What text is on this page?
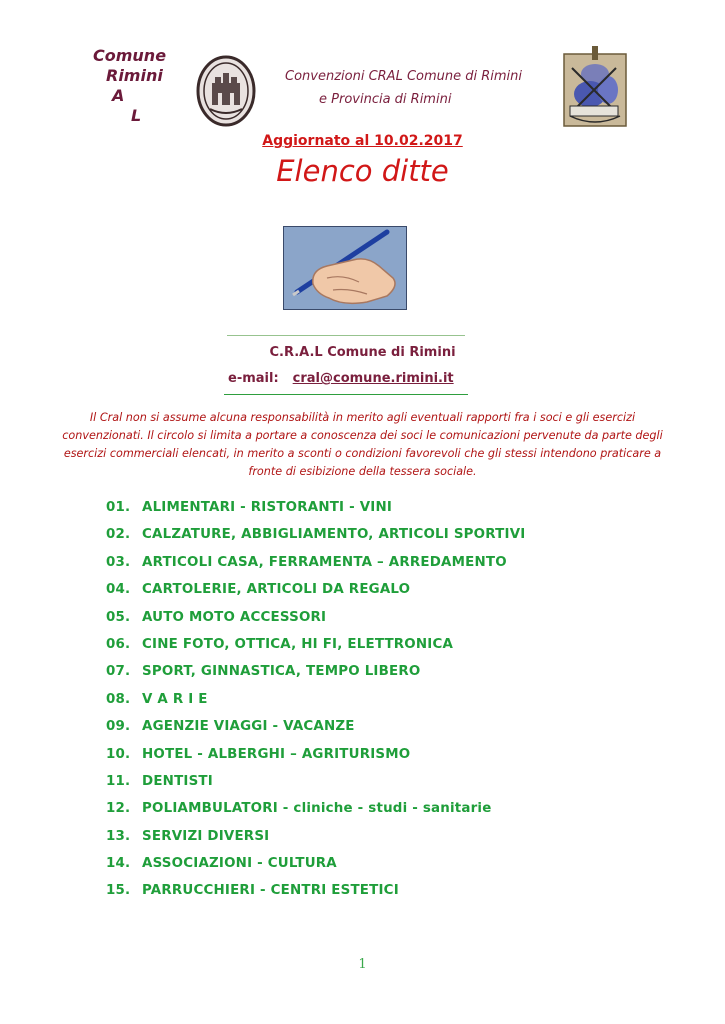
Comune
Rimini
A
L
Convenzioni CRAL Comune di Rimini
e Provincia di Rimini
Aggiornato al 10.02.2017
Elenco ditte
C.R.A.L Comune di Rimini
e-mail: cral@comune.rimini.it
Il Cral non si assume alcuna responsabilità in merito agli eventuali rapporti fra i soci e gli esercizi convenzionati. Il circolo si limita a portare a conoscenza dei soci le comunicazioni pervenute da parte degli esercizi commerciali elencati, in merito a sconti o condizioni favorevoli che gli stessi intendono praticare a fronte di esibizione della tessera sociale.
01. ALIMENTARI - RISTORANTI - VINI
02. CALZATURE, ABBIGLIAMENTO, ARTICOLI SPORTIVI
03. ARTICOLI CASA, FERRAMENTA – ARREDAMENTO
04. CARTOLERIE, ARTICOLI DA REGALO
05. AUTO MOTO ACCESSORI
06. CINE FOTO, OTTICA, HI FI, ELETTRONICA
07. SPORT, GINNASTICA, TEMPO LIBERO
08. V A R I E
09. AGENZIE VIAGGI - VACANZE
10. HOTEL - ALBERGHI – AGRITURISMO
11. DENTISTI
12. POLIAMBULATORI - cliniche - studi - sanitarie
13. SERVIZI DIVERSI
14. ASSOCIAZIONI - CULTURA
15. PARRUCCHIERI - CENTRI ESTETICI
1
